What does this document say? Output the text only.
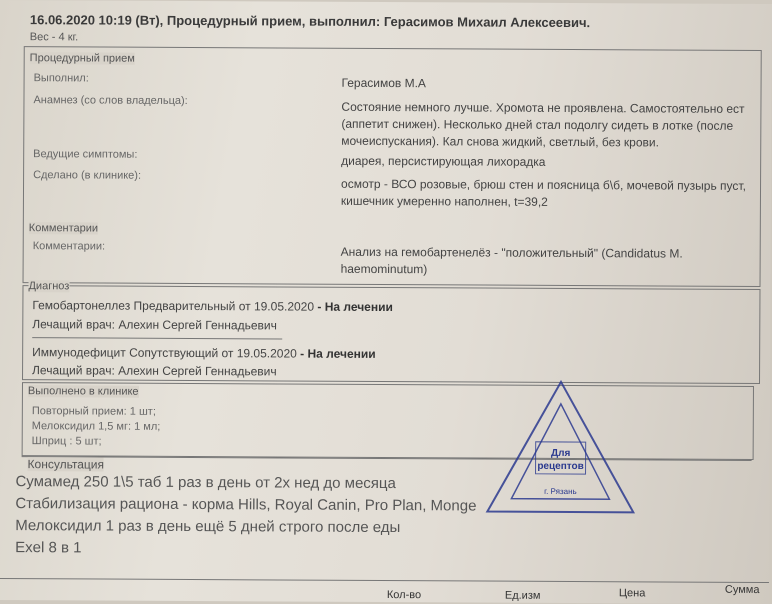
16.06.2020 10:19 (Вт), Процедурный прием, выполнил: Герасимов Михаил Алексеевич.
Вес - 4 кг.
Процедурный прием
Выполнил:	Герасимов М.А
Анамнез (со слов владельца):	Состояние немного лучше. Хромота не проявлена. Самостоятельно ест
(аппетит снижен). Несколько дней стал подолгу сидеть в лотке (после
мочеиспускания). Кал снова жидкий, светлый, без крови.
Ведущие симптомы:	диарея, персистирующая лихорадка
Сделано (в клинике):
осмотр - ВСО розовые, брюш стен и поясница б\б, мочевой пузырь пуст,
кишечник умеренно наполнен, t=39,2
Комментарии
Комментарии:	Анализ на гемобартенелёз - "положительный" (Candidatus M.
haemominutum)
Диагноз
Гемобартонеллез Предварительный от 19.05.2020 - На лечении
Лечащий врач: Алехин Сергей Геннадьевич
Иммунодефицит Сопутствующий от 19.05.2020 - На лечении
Лечащий врач: Алехин Сергей Геннадьевич
Выполнено в клинике
Повторный прием: 1 шт;
Мелоксидил 1,5 мг: 1 мл;
Шприц : 5 шт;
Консультация
Сумамед 250 1\5 таб 1 раз в день от 2х нед до месяца
Стабилизация рациона - корма Hills, Royal Canin, Pro Plan, Monge
Мелоксидил 1 раз в день ещё 5 дней строго после еды
Exel 8 в 1
Для
рецептов
г. Рязань
Кол-во	Ед.изм	Цена	Сумма
